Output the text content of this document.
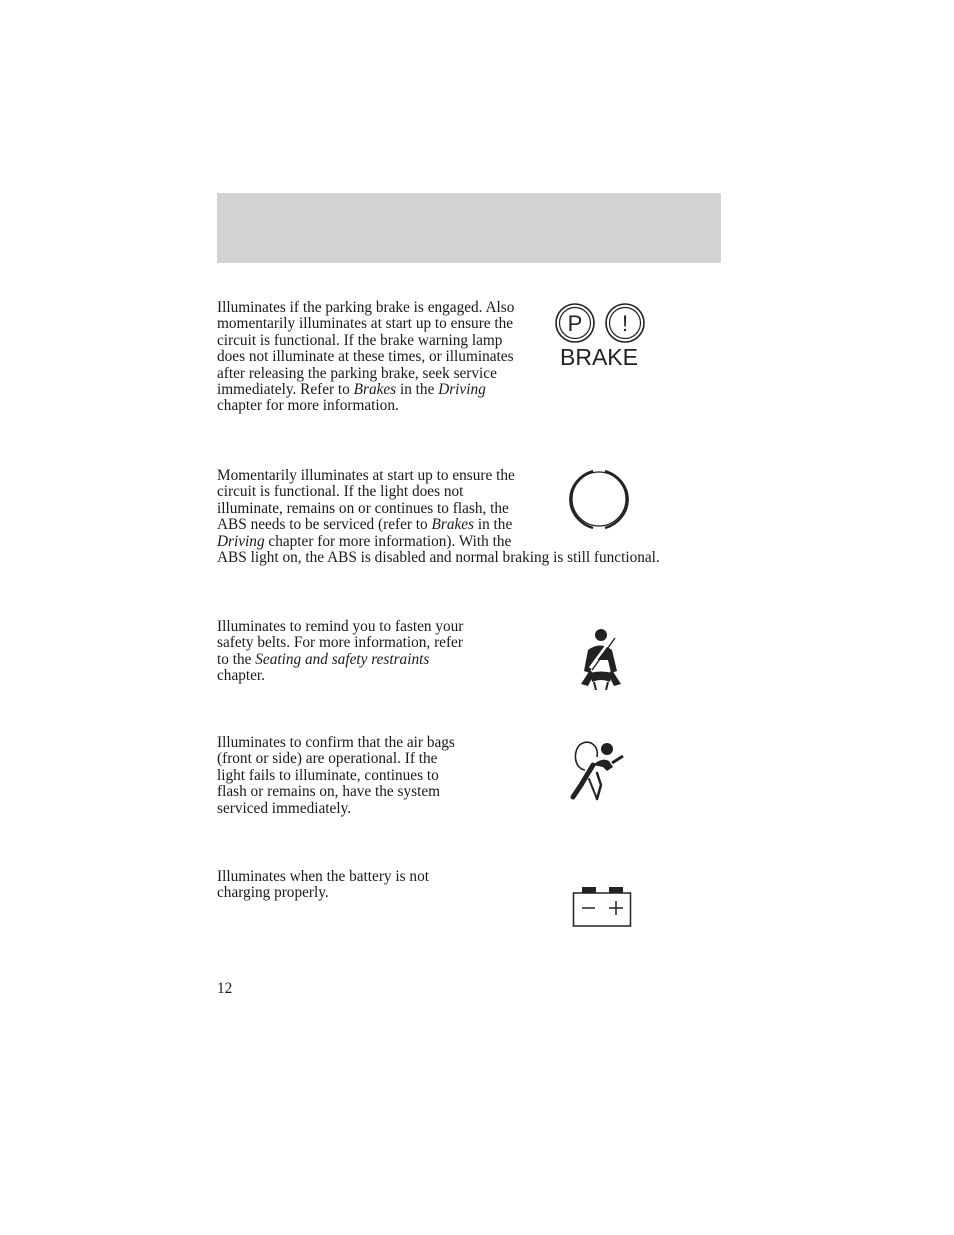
P !
BRAKE

Illuminates if the parking brake is engaged. Also momentarily illuminates at start up to ensure the circuit is functional. If the brake warning lamp does not illuminate at these times, or illuminates after releasing the parking brake, seek service immediately. Refer to Brakes in the Driving chapter for more information.

Momentarily illuminates at start up to ensure the circuit is functional. If the light does not illuminate, remains on or continues to flash, the ABS needs to be serviced (refer to Brakes in the Driving chapter for more information). With the ABS light on, the ABS is disabled and normal braking is still functional.

Illuminates to remind you to fasten your safety belts. For more information, refer to the Seating and safety restraints chapter.

Illuminates to confirm that the air bags (front or side) are operational. If the light fails to illuminate, continues to flash or remains on, have the system serviced immediately.

Illuminates when the battery is not charging properly.

12
